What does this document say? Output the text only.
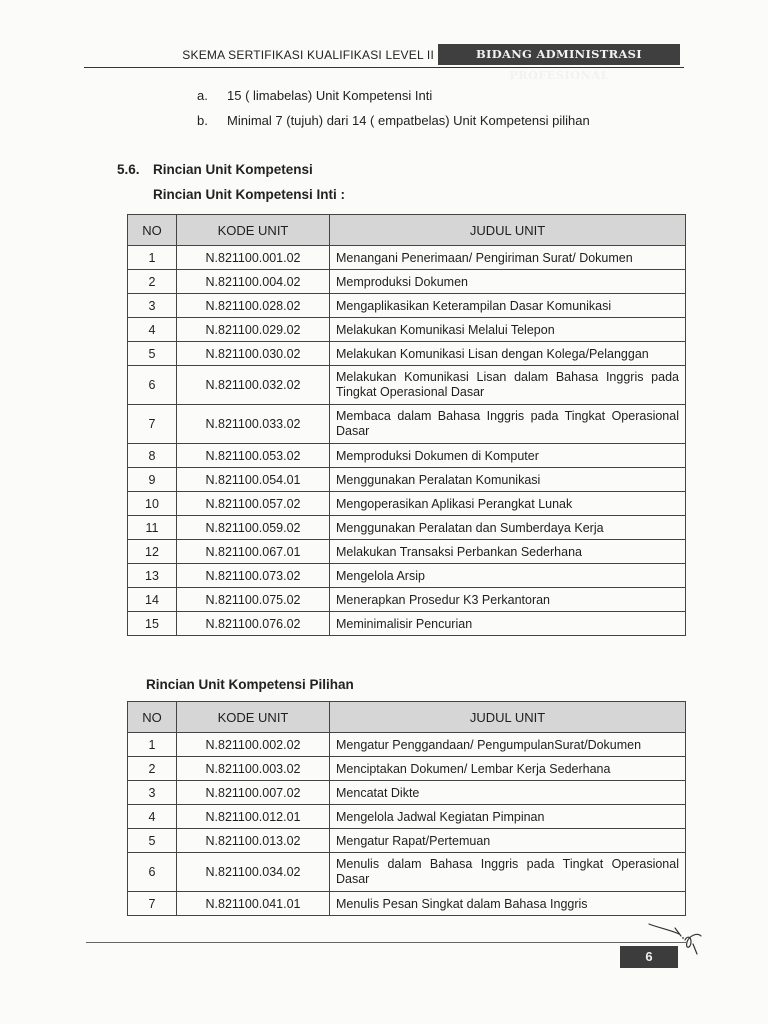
SKEMA SERTIFIKASI KUALIFIKASI LEVEL II	BIDANG ADMINISTRASI PROFESIONAL
a.	15 ( limabelas) Unit Kompetensi Inti
b.	Minimal 7 (tujuh) dari 14 ( empatbelas) Unit Kompetensi pilihan
5.6. Rincian Unit Kompetensi
Rincian Unit Kompetensi Inti :
NO	KODE UNIT	JUDUL UNIT
1	N.821100.001.02	Menangani Penerimaan/ Pengiriman Surat/ Dokumen
2	N.821100.004.02	Memproduksi Dokumen
3	N.821100.028.02	Mengaplikasikan Keterampilan Dasar Komunikasi
4	N.821100.029.02	Melakukan Komunikasi Melalui Telepon
5	N.821100.030.02	Melakukan Komunikasi Lisan dengan Kolega/Pelanggan
6	N.821100.032.02	Melakukan Komunikasi Lisan dalam Bahasa Inggris pada Tingkat Operasional Dasar
7	N.821100.033.02	Membaca dalam Bahasa Inggris pada Tingkat Operasional Dasar
8	N.821100.053.02	Memproduksi Dokumen di Komputer
9	N.821100.054.01	Menggunakan Peralatan Komunikasi
10	N.821100.057.02	Mengoperasikan Aplikasi Perangkat Lunak
11	N.821100.059.02	Menggunakan Peralatan dan Sumberdaya Kerja
12	N.821100.067.01	Melakukan Transaksi Perbankan Sederhana
13	N.821100.073.02	Mengelola Arsip
14	N.821100.075.02	Menerapkan Prosedur K3 Perkantoran
15	N.821100.076.02	Meminimalisir Pencurian
Rincian Unit Kompetensi Pilihan
NO	KODE UNIT	JUDUL UNIT
1	N.821100.002.02	Mengatur Penggandaan/ PengumpulanSurat/Dokumen
2	N.821100.003.02	Menciptakan Dokumen/ Lembar Kerja Sederhana
3	N.821100.007.02	Mencatat Dikte
4	N.821100.012.01	Mengelola Jadwal Kegiatan Pimpinan
5	N.821100.013.02	Mengatur Rapat/Pertemuan
6	N.821100.034.02	Menulis dalam Bahasa Inggris pada Tingkat Operasional Dasar
7	N.821100.041.01	Menulis Pesan Singkat dalam Bahasa Inggris
6
